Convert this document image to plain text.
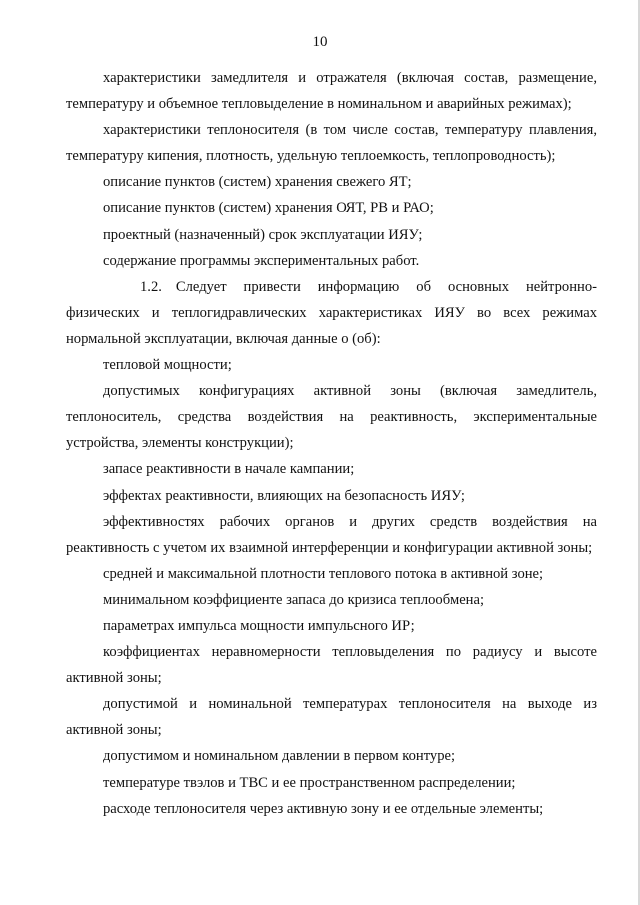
10

характеристики замедлителя и отражателя (включая состав, размещение, температуру и объемное тепловыделение в номинальном и аварийных режимах);

характеристики теплоносителя (в том числе состав, температуру плавления, температуру кипения, плотность, удельную теплоемкость, теплопроводность);

описание пунктов (систем) хранения свежего ЯТ;

описание пунктов (систем) хранения ОЯТ, РВ и РАО;

проектный (назначенный) срок эксплуатации ИЯУ;

содержание программы экспериментальных работ.

1.2. Следует привести информацию об основных нейтронно-физических и теплогидравлических характеристиках ИЯУ во всех режимах нормальной эксплуатации, включая данные о (об):

тепловой мощности;

допустимых конфигурациях активной зоны (включая замедлитель, теплоноситель, средства воздействия на реактивность, экспериментальные устройства, элементы конструкции);

запасе реактивности в начале кампании;

эффектах реактивности, влияющих на безопасность ИЯУ;

эффективностях рабочих органов и других средств воздействия на реактивность с учетом их взаимной интерференции и конфигурации активной зоны;

средней и максимальной плотности теплового потока в активной зоне;

минимальном коэффициенте запаса до кризиса теплообмена;

параметрах импульса мощности импульсного ИР;

коэффициентах неравномерности тепловыделения по радиусу и высоте активной зоны;

допустимой и номинальной температурах теплоносителя на выходе из активной зоны;

допустимом и номинальном давлении в первом контуре;

температуре твэлов и ТВС и ее пространственном распределении;

расходе теплоносителя через активную зону и ее отдельные элементы;
